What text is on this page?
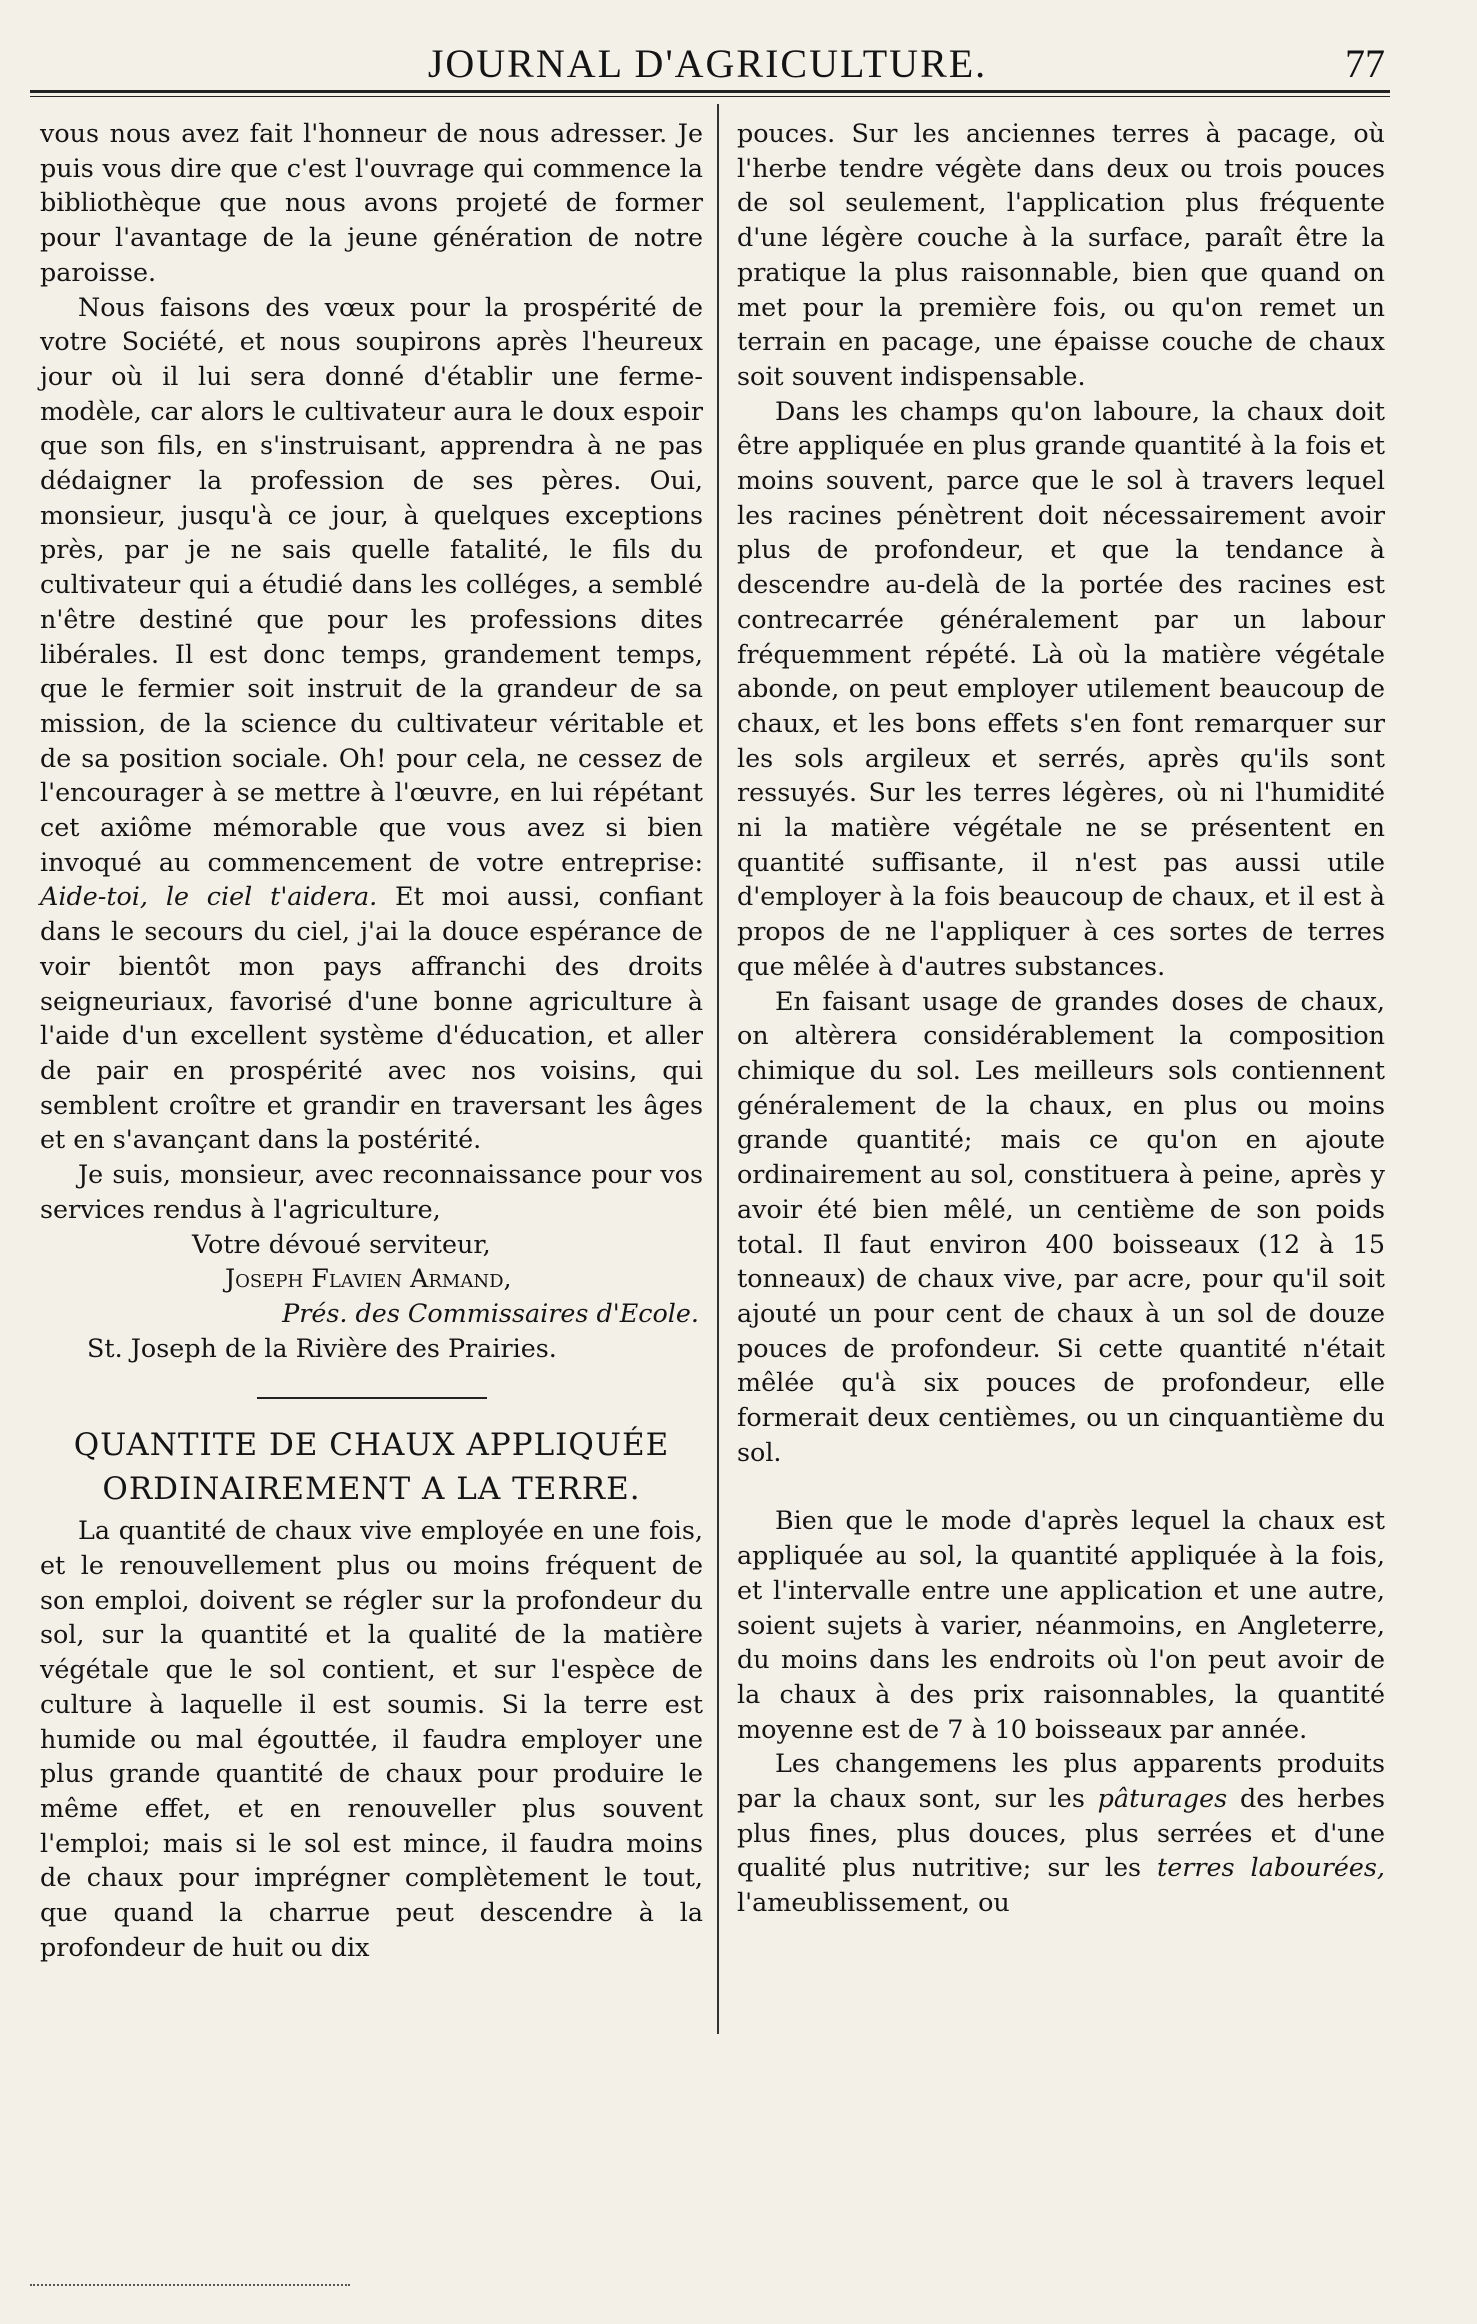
JOURNAL D'AGRICULTURE.	77

vous nous avez fait l'honneur de nous adresser. Je puis vous dire que c'est l'ouvrage qui commence la bibliothèque que nous avons projeté de former pour l'avantage de la jeune génération de notre paroisse.

Nous faisons des vœux pour la prospérité de votre Société, et nous soupirons après l'heureux jour où il lui sera donné d'établir une ferme-modèle, car alors le cultivateur aura le doux espoir que son fils, en s'instruisant, apprendra à ne pas dédaigner la profession de ses pères. Oui, monsieur, jusqu'à ce jour, à quelques exceptions près, par je ne sais quelle fatalité, le fils du cultivateur qui a étudié dans les colléges, a semblé n'être destiné que pour les professions dites libérales. Il est donc temps, grandement temps, que le fermier soit instruit de la grandeur de sa mission, de la science du cultivateur véritable et de sa position sociale. Oh! pour cela, ne cessez de l'encourager à se mettre à l'œuvre, en lui répétant cet axiôme mémorable que vous avez si bien invoqué au commencement de votre entreprise: Aide-toi, le ciel t'aidera. Et moi aussi, confiant dans le secours du ciel, j'ai la douce espérance de voir bientôt mon pays affranchi des droits seigneuriaux, favorisé d'une bonne agriculture à l'aide d'un excellent système d'éducation, et aller de pair en prospérité avec nos voisins, qui semblent croître et grandir en traversant les âges et en s'avançant dans la postérité.

Je suis, monsieur, avec reconnaissance pour vos services rendus à l'agriculture,

Votre dévoué serviteur,
Joseph Flavien Armand,
Prés. des Commissaires d'Ecole.
St. Joseph de la Rivière des Prairies.
QUANTITE DE CHAUX APPLIQUÉE
ORDINAIREMENT A LA TERRE.

La quantité de chaux vive employée en une fois, et le renouvellement plus ou moins fréquent de son emploi, doivent se régler sur la profondeur du sol, sur la quantité et la qualité de la matière végétale que le sol contient, et sur l'espèce de culture à laquelle il est soumis. Si la terre est humide ou mal égouttée, il faudra employer une plus grande quantité de chaux pour produire le même effet, et en renouveller plus souvent l'emploi; mais si le sol est mince, il faudra moins de chaux pour imprégner complètement le tout, que quand la charrue peut descendre à la profondeur de huit ou dix

pouces. Sur les anciennes terres à pacage, où l'herbe tendre végète dans deux ou trois pouces de sol seulement, l'application plus fréquente d'une légère couche à la surface, paraît être la pratique la plus raisonnable, bien que quand on met pour la première fois, ou qu'on remet un terrain en pacage, une épaisse couche de chaux soit souvent indispensable.

Dans les champs qu'on laboure, la chaux doit être appliquée en plus grande quantité à la fois et moins souvent, parce que le sol à travers lequel les racines pénètrent doit nécessairement avoir plus de profondeur, et que la tendance à descendre au-delà de la portée des racines est contrecarrée généralement par un labour fréquemment répété. Là où la matière végétale abonde, on peut employer utilement beaucoup de chaux, et les bons effets s'en font remarquer sur les sols argileux et serrés, après qu'ils sont ressuyés. Sur les terres légères, où ni l'humidité ni la matière végétale ne se présentent en quantité suffisante, il n'est pas aussi utile d'employer à la fois beaucoup de chaux, et il est à propos de ne l'appliquer à ces sortes de terres que mêlée à d'autres substances.

En faisant usage de grandes doses de chaux, on altèrera considérablement la composition chimique du sol. Les meilleurs sols contiennent généralement de la chaux, en plus ou moins grande quantité; mais ce qu'on en ajoute ordinairement au sol, constituera à peine, après y avoir été bien mêlé, un centième de son poids total. Il faut environ 400 boisseaux (12 à 15 tonneaux) de chaux vive, par acre, pour qu'il soit ajouté un pour cent de chaux à un sol de douze pouces de profondeur. Si cette quantité n'était mêlée qu'à six pouces de profondeur, elle formerait deux centièmes, ou un cinquantième du sol.

Bien que le mode d'après lequel la chaux est appliquée au sol, la quantité appliquée à la fois, et l'intervalle entre une application et une autre, soient sujets à varier, néanmoins, en Angleterre, du moins dans les endroits où l'on peut avoir de la chaux à des prix raisonnables, la quantité moyenne est de 7 à 10 boisseaux par année.

Les changemens les plus apparents produits par la chaux sont, sur les pâturages des herbes plus fines, plus douces, plus serrées et d'une qualité plus nutritive; sur les terres labourées, l'ameublissement, ou
